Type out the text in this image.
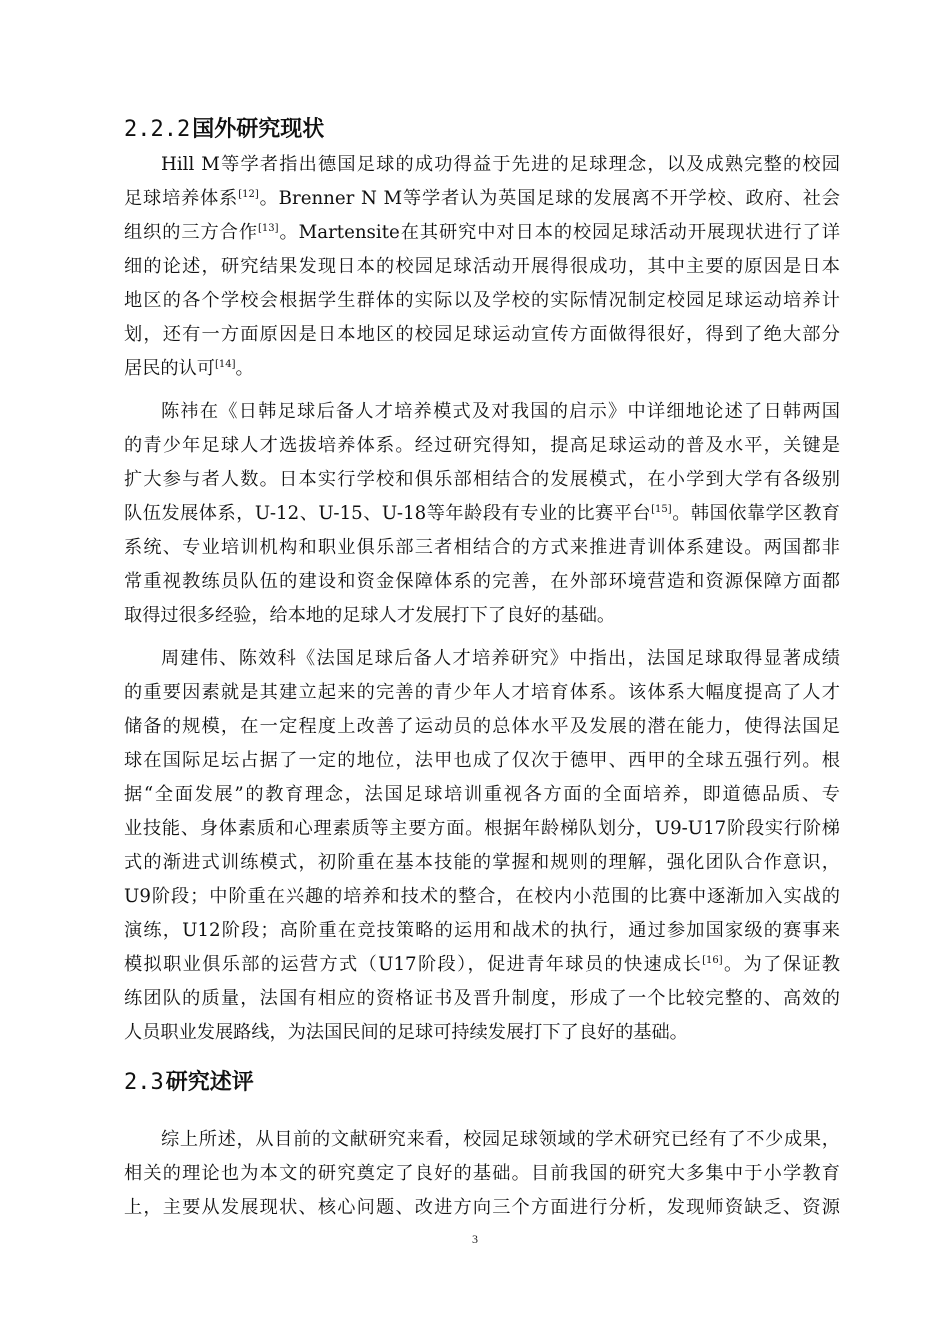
2.2.2国外研究现状
Hill M等学者指出德国足球的成功得益于先进的足球理念，以及成熟完整的校园
足球培养体系[12]。Brenner N M等学者认为英国足球的发展离不开学校、政府、社会
组织的三方合作[13]。Martensite在其研究中对日本的校园足球活动开展现状进行了详
细的论述，研究结果发现日本的校园足球活动开展得很成功，其中主要的原因是日本
地区的各个学校会根据学生群体的实际以及学校的实际情况制定校园足球运动培养计
划，还有一方面原因是日本地区的校园足球运动宣传方面做得很好，得到了绝大部分
居民的认可[14]。
陈祎在《日韩足球后备人才培养模式及对我国的启示》中详细地论述了日韩两国
的青少年足球人才选拔培养体系。经过研究得知，提高足球运动的普及水平，关键是
扩大参与者人数。日本实行学校和俱乐部相结合的发展模式，在小学到大学有各级别
队伍发展体系，U-12、U-15、U-18等年龄段有专业的比赛平台[15]。韩国依靠学区教育
系统、专业培训机构和职业俱乐部三者相结合的方式来推进青训体系建设。两国都非
常重视教练员队伍的建设和资金保障体系的完善，在外部环境营造和资源保障方面都
取得过很多经验，给本地的足球人才发展打下了良好的基础。
周建伟、陈效科《法国足球后备人才培养研究》中指出，法国足球取得显著成绩
的重要因素就是其建立起来的完善的青少年人才培育体系。该体系大幅度提高了人才
储备的规模，在一定程度上改善了运动员的总体水平及发展的潜在能力，使得法国足
球在国际足坛占据了一定的地位，法甲也成了仅次于德甲、西甲的全球五强行列。根
据“全面发展”的教育理念，法国足球培训重视各方面的全面培养，即道德品质、专
业技能、身体素质和心理素质等主要方面。根据年龄梯队划分，U9-U17阶段实行阶梯
式的渐进式训练模式，初阶重在基本技能的掌握和规则的理解，强化团队合作意识，
U9阶段；中阶重在兴趣的培养和技术的整合，在校内小范围的比赛中逐渐加入实战的
演练，U12阶段；高阶重在竞技策略的运用和战术的执行，通过参加国家级的赛事来
模拟职业俱乐部的运营方式（U17阶段），促进青年球员的快速成长[16]。为了保证教
练团队的质量，法国有相应的资格证书及晋升制度，形成了一个比较完整的、高效的
人员职业发展路线，为法国民间的足球可持续发展打下了良好的基础。
2.3研究述评
综上所述，从目前的文献研究来看，校园足球领域的学术研究已经有了不少成果，
相关的理论也为本文的研究奠定了良好的基础。目前我国的研究大多集中于小学教育
上，主要从发展现状、核心问题、改进方向三个方面进行分析，发现师资缺乏、资源
3
